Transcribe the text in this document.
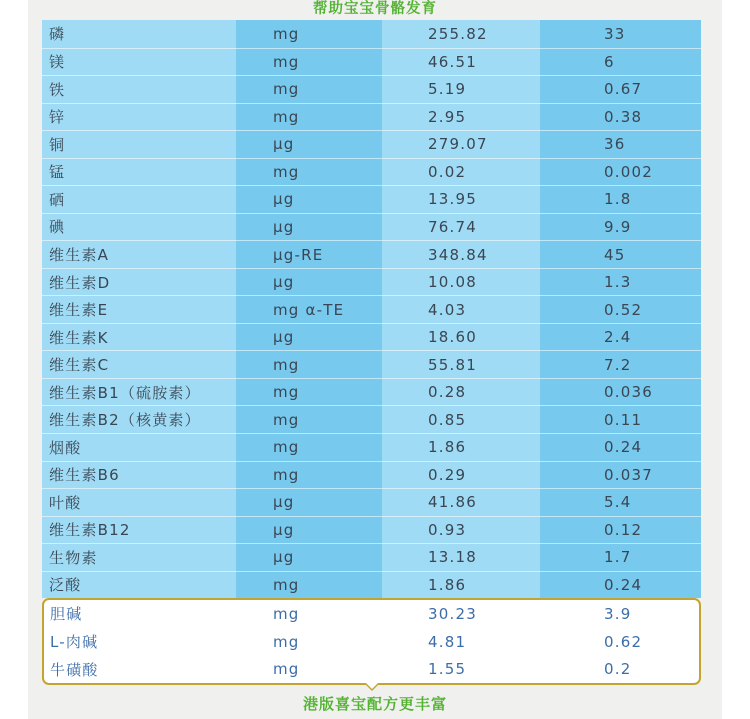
帮助宝宝骨骼发育
磷	mg	255.82	33
镁	mg	46.51	6
铁	mg	5.19	0.67
锌	mg	2.95	0.38
铜	μg	279.07	36
锰	mg	0.02	0.002
硒	μg	13.95	1.8
碘	μg	76.74	9.9
维生素A	μg-RE	348.84	45
维生素D	μg	10.08	1.3
维生素E	mg α-TE	4.03	0.52
维生素K	μg	18.60	2.4
维生素C	mg	55.81	7.2
维生素B1（硫胺素）	mg	0.28	0.036
维生素B2（核黄素）	mg	0.85	0.11
烟酸	mg	1.86	0.24
维生素B6	mg	0.29	0.037
叶酸	μg	41.86	5.4
维生素B12	μg	0.93	0.12
生物素	μg	13.18	1.7
泛酸	mg	1.86	0.24
胆碱	mg	30.23	3.9
L-肉碱	mg	4.81	0.62
牛磺酸	mg	1.55	0.2
港版喜宝配方更丰富
